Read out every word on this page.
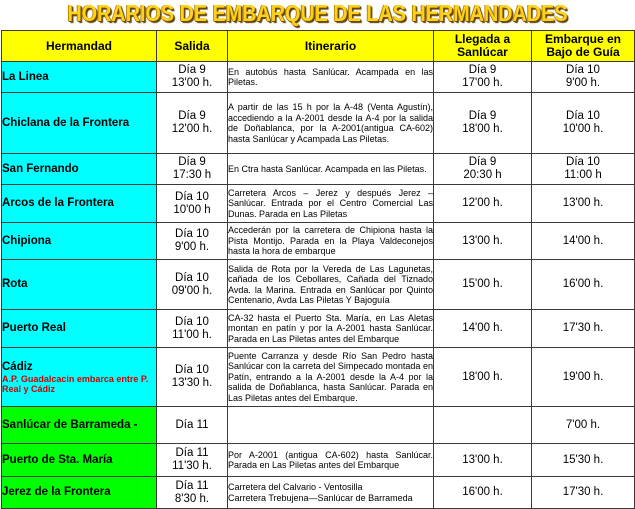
HORARIOS DE EMBARQUE DE LAS HERMANDADES
Hermandad	Salida	Itinerario	Llegada a
Sanlúcar	Embarque en
Bajo de Guía

La Linea	Día 9
13'00 h.	En autobús hasta Sanlúcar. Acampada en las Piletas.	Día 9
17'00 h.	Día 10
9'00 h.

Chiclana de la Frontera	Día 9
12'00 h.	A partir de las 15 h por la A-48 (Venta Agustín), accediendo a la A-2001 desde la A-4 por la salida de Doñablanca, por la A-2001(antigua CA-602) hasta Sanlúcar y Acampada Las Piletas.	Día 9
18'00 h.	Día 10
10'00 h.

San Fernando	Día 9
17:30 h	En Ctra hasta Sanlúcar. Acampada en las Piletas.	Día 9
20:30 h	Día 10
11:00 h

Arcos de la Frontera	Día 10
10'00 h	Carretera Arcos – Jerez y después Jerez – Sanlúcar. Entrada por el Centro Comercial Las Dunas. Parada en Las Piletas	12'00 h.	13'00 h.

Chipiona	Día 10
9'00 h.	Accederán por la carretera de Chipiona hasta la Pista Montijo. Parada en la Playa Valdeconejos hasta la hora de embarque	13'00 h.	14'00 h.

Rota	Día 10
09'00 h.	Salida de Rota por la Vereda de Las Lagunetas, cañada de los Cebollares, Cañada del Tiznado Avda. la Marina. Entrada en Sanlúcar por Quinto Centenario, Avda Las Piletas Y Bajoguía	15'00 h.	16'00 h.

Puerto Real	Día 10
11'00 h.	CA-32 hasta el Puerto Sta. María, en Las Aletas montan en patín y por la A-2001 hasta Sanlúcar. Parada en Las Piletas antes del Embarque	14'00 h.	17'30 h.

Cádiz
A.P. Guadalcacin embarca entre P. Real y Cádiz	Día 10
13'30 h.	Puente Carranza y desde Río San Pedro hasta Sanlúcar con la carreta del Simpecado montada en Patín, entrando a la A-2001 desde la A-4 por la salida de Doñablanca, hasta Sanlúcar. Parada en Las Piletas antes del Embarque.	18'00 h.	19'00 h.

Sanlúcar de Barrameda -	Día 11			7'00 h.

Puerto de Sta. María	Día 11
11'30 h.	Por A-2001 (antigua CA-602) hasta Sanlúcar. Parada en Las Piletas antes del Embarque	13'00 h.	15'30 h.

Jerez de la Frontera	Día 11
8'30 h.	Carretera del Calvario - Ventosilla
Carretera Trebujena—Sanlúcar de Barrameda	16'00 h.	17'30 h.
